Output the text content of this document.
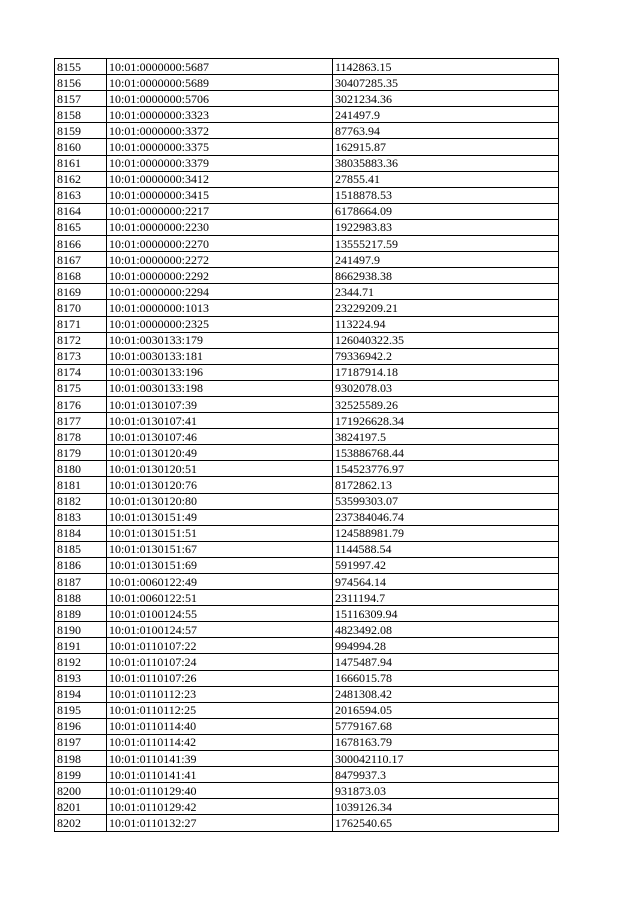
8155	10:01:0000000:5687	1142863.15
8156	10:01:0000000:5689	30407285.35
8157	10:01:0000000:5706	3021234.36
8158	10:01:0000000:3323	241497.9
8159	10:01:0000000:3372	87763.94
8160	10:01:0000000:3375	162915.87
8161	10:01:0000000:3379	38035883.36
8162	10:01:0000000:3412	27855.41
8163	10:01:0000000:3415	1518878.53
8164	10:01:0000000:2217	6178664.09
8165	10:01:0000000:2230	1922983.83
8166	10:01:0000000:2270	13555217.59
8167	10:01:0000000:2272	241497.9
8168	10:01:0000000:2292	8662938.38
8169	10:01:0000000:2294	2344.71
8170	10:01:0000000:1013	23229209.21
8171	10:01:0000000:2325	113224.94
8172	10:01:0030133:179	126040322.35
8173	10:01:0030133:181	79336942.2
8174	10:01:0030133:196	17187914.18
8175	10:01:0030133:198	9302078.03
8176	10:01:0130107:39	32525589.26
8177	10:01:0130107:41	171926628.34
8178	10:01:0130107:46	3824197.5
8179	10:01:0130120:49	153886768.44
8180	10:01:0130120:51	154523776.97
8181	10:01:0130120:76	8172862.13
8182	10:01:0130120:80	53599303.07
8183	10:01:0130151:49	237384046.74
8184	10:01:0130151:51	124588981.79
8185	10:01:0130151:67	1144588.54
8186	10:01:0130151:69	591997.42
8187	10:01:0060122:49	974564.14
8188	10:01:0060122:51	2311194.7
8189	10:01:0100124:55	15116309.94
8190	10:01:0100124:57	4823492.08
8191	10:01:0110107:22	994994.28
8192	10:01:0110107:24	1475487.94
8193	10:01:0110107:26	1666015.78
8194	10:01:0110112:23	2481308.42
8195	10:01:0110112:25	2016594.05
8196	10:01:0110114:40	5779167.68
8197	10:01:0110114:42	1678163.79
8198	10:01:0110141:39	300042110.17
8199	10:01:0110141:41	8479937.3
8200	10:01:0110129:40	931873.03
8201	10:01:0110129:42	1039126.34
8202	10:01:0110132:27	1762540.65
